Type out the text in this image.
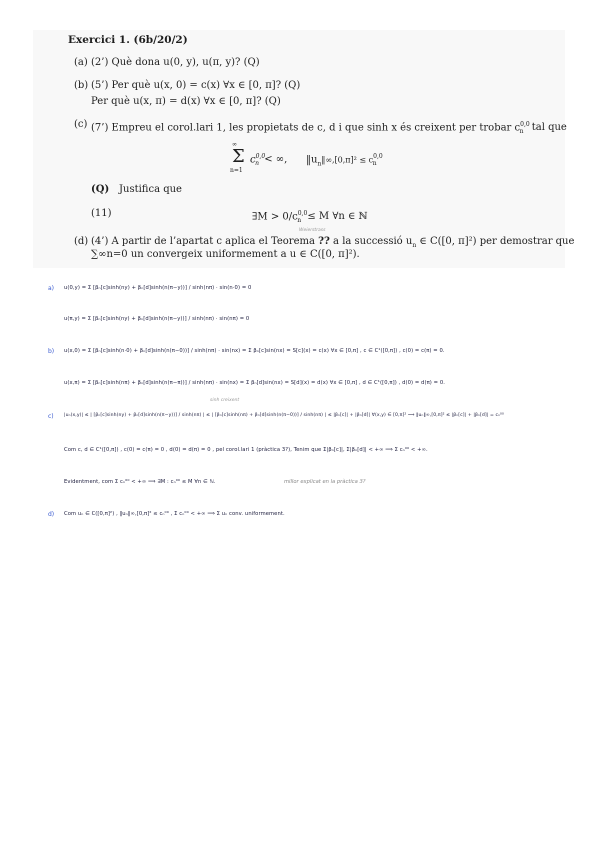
Exercici 1. (6b/20/2)
(a) (2’) Què dona u(0, y), u(π, y)? (Q)
(b) (5’) Per què u(x, 0) = c(x) ∀x ∈ [0, π]? (Q)
Per què u(x, π) = d(x) ∀x ∈ [0, π]? (Q)
(c) (7’) Empreu el corol.lari 1, les propietats de c, d i que sinh x és creixent per trobar $c^{0,0}_n$ tal que
∞
Σ
n=1
$c^{0,0}_n$ < ∞, $‖u_n‖\infty,[0,\pi]^2 \le c^{0,0}_n$
(Q) Justifica que
(11)	∃M > $0/c^{0,0}_n \le M$ ∀n ∈ ℕ
Weierstrass
(d) (4’) A partir de l’apartat c aplica el Teorema ?? a la successió $u_n$ ∈ C([0, π]²) per demostrar que
∑∞n=0 un convergeix uniformement a u ∈ C([0, π]²).
a) u(0,y) = Σ [βₙ[c]sinh(ny) + βₙ[d]sinh(n(π−y))] / sinh(nπ) · sin(n·0) = 0
u(π,y) = Σ [βₙ[c]sinh(ny) + βₙ[d]sinh(n(π−y))] / sinh(nπ) · sin(nπ) = 0
b) u(x,0) = Σ [βₙ[c]sinh(n·0) + βₙ[d]sinh(n(π−0))] / sinh(nπ) · sin(nx) = Σ βₙ[c]sin(nx) = S[c](x) = c(x) ∀x ∈ [0,π] , c ∈ C¹([0,π]) , c(0) = c(π) = 0.
u(x,π) = Σ [βₙ[c]sinh(nπ) + βₙ[d]sinh(n(π−π))] / sinh(nπ) · sin(nx) = Σ βₙ[d]sin(nx) = S[d](x) = d(x) ∀x ∈ [0,π] , d ∈ C¹([0,π]) , d(0) = d(π) = 0.
sinh creixent
c) |uₙ(x,y)| ≤ | [βₙ[c]sinh(ny) + βₙ[d]sinh(n(π−y))] / sinh(nπ) | ≤ | [βₙ[c]sinh(nπ) + βₙ[d]sinh(n(π−0))] / sinh(nπ) | ≤ |βₙ[c]| + |βₙ[d]| ∀(x,y) ∈ [0,π]² ⟹ ‖uₙ‖∞,[0,π]² ≤ |βₙ[c]| + |βₙ[d]| = cₙ⁰⁰
Com c, d ∈ C¹([0,π]) , c(0) = c(π) = 0 , d(0) = d(π) = 0 , pel corol.lari 1 (pràctica 3?), Tenim que Σ|βₙ[c]|, Σ|βₙ[d]| < +∞ ⟹ Σ cₙ⁰⁰ < +∞.
Evidentment, com Σ cₙ⁰⁰ < +∞ ⟹ ∃M : cₙ⁰⁰ ≤ M ∀n ∈ ℕ.	millor explicat en la pràctica 3?
d) Com uₙ ∈ C([0,π]²) , ‖uₙ‖∞,[0,π]² ≤ cₙ⁰⁰ , Σ cₙ⁰⁰ < +∞ ⟹ Σ uₙ conv. uniformement.
